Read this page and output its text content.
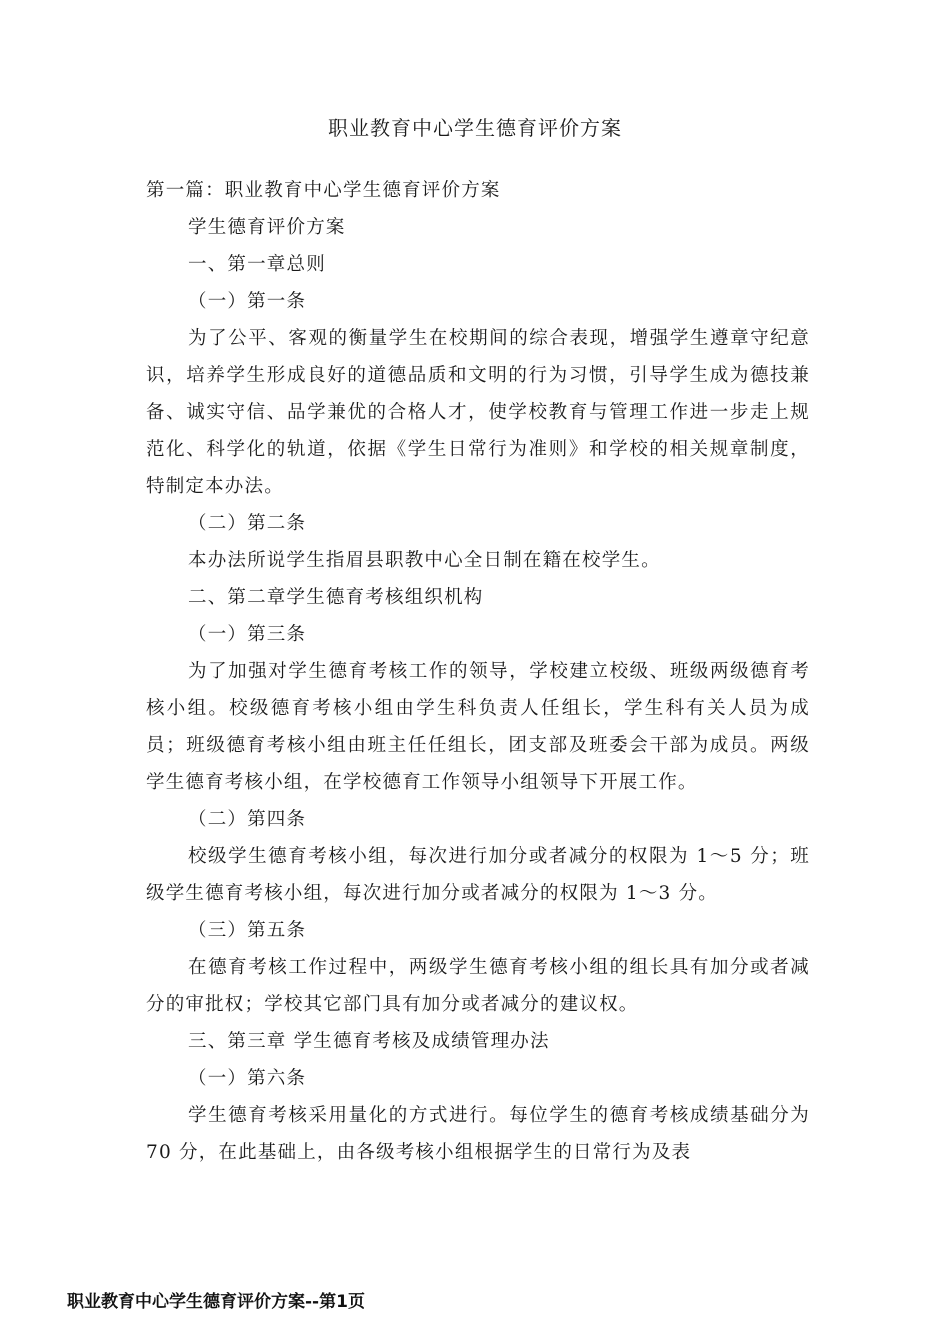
职业教育中心学生德育评价方案

第一篇：职业教育中心学生德育评价方案

学生德育评价方案

一、第一章总则

（一）第一条

为了公平、客观的衡量学生在校期间的综合表现，增强学生遵章守纪意识，培养学生形成良好的道德品质和文明的行为习惯，引导学生成为德技兼备、诚实守信、品学兼优的合格人才，使学校教育与管理工作进一步走上规范化、科学化的轨道，依据《学生日常行为准则》和学校的相关规章制度，特制定本办法。

（二）第二条

本办法所说学生指眉县职教中心全日制在籍在校学生。

二、第二章学生德育考核组织机构

（一）第三条

为了加强对学生德育考核工作的领导，学校建立校级、班级两级德育考核小组。校级德育考核小组由学生科负责人任组长，学生科有关人员为成员；班级德育考核小组由班主任任组长，团支部及班委会干部为成员。两级学生德育考核小组，在学校德育工作领导小组领导下开展工作。

（二）第四条

校级学生德育考核小组，每次进行加分或者减分的权限为 1～5 分；班级学生德育考核小组，每次进行加分或者减分的权限为 1～3 分。

（三）第五条

在德育考核工作过程中，两级学生德育考核小组的组长具有加分或者减分的审批权；学校其它部门具有加分或者减分的建议权。

三、第三章 学生德育考核及成绩管理办法

（一）第六条

学生德育考核采用量化的方式进行。每位学生的德育考核成绩基础分为 70 分，在此基础上，由各级考核小组根据学生的日常行为及表

职业教育中心学生德育评价方案--第1页
